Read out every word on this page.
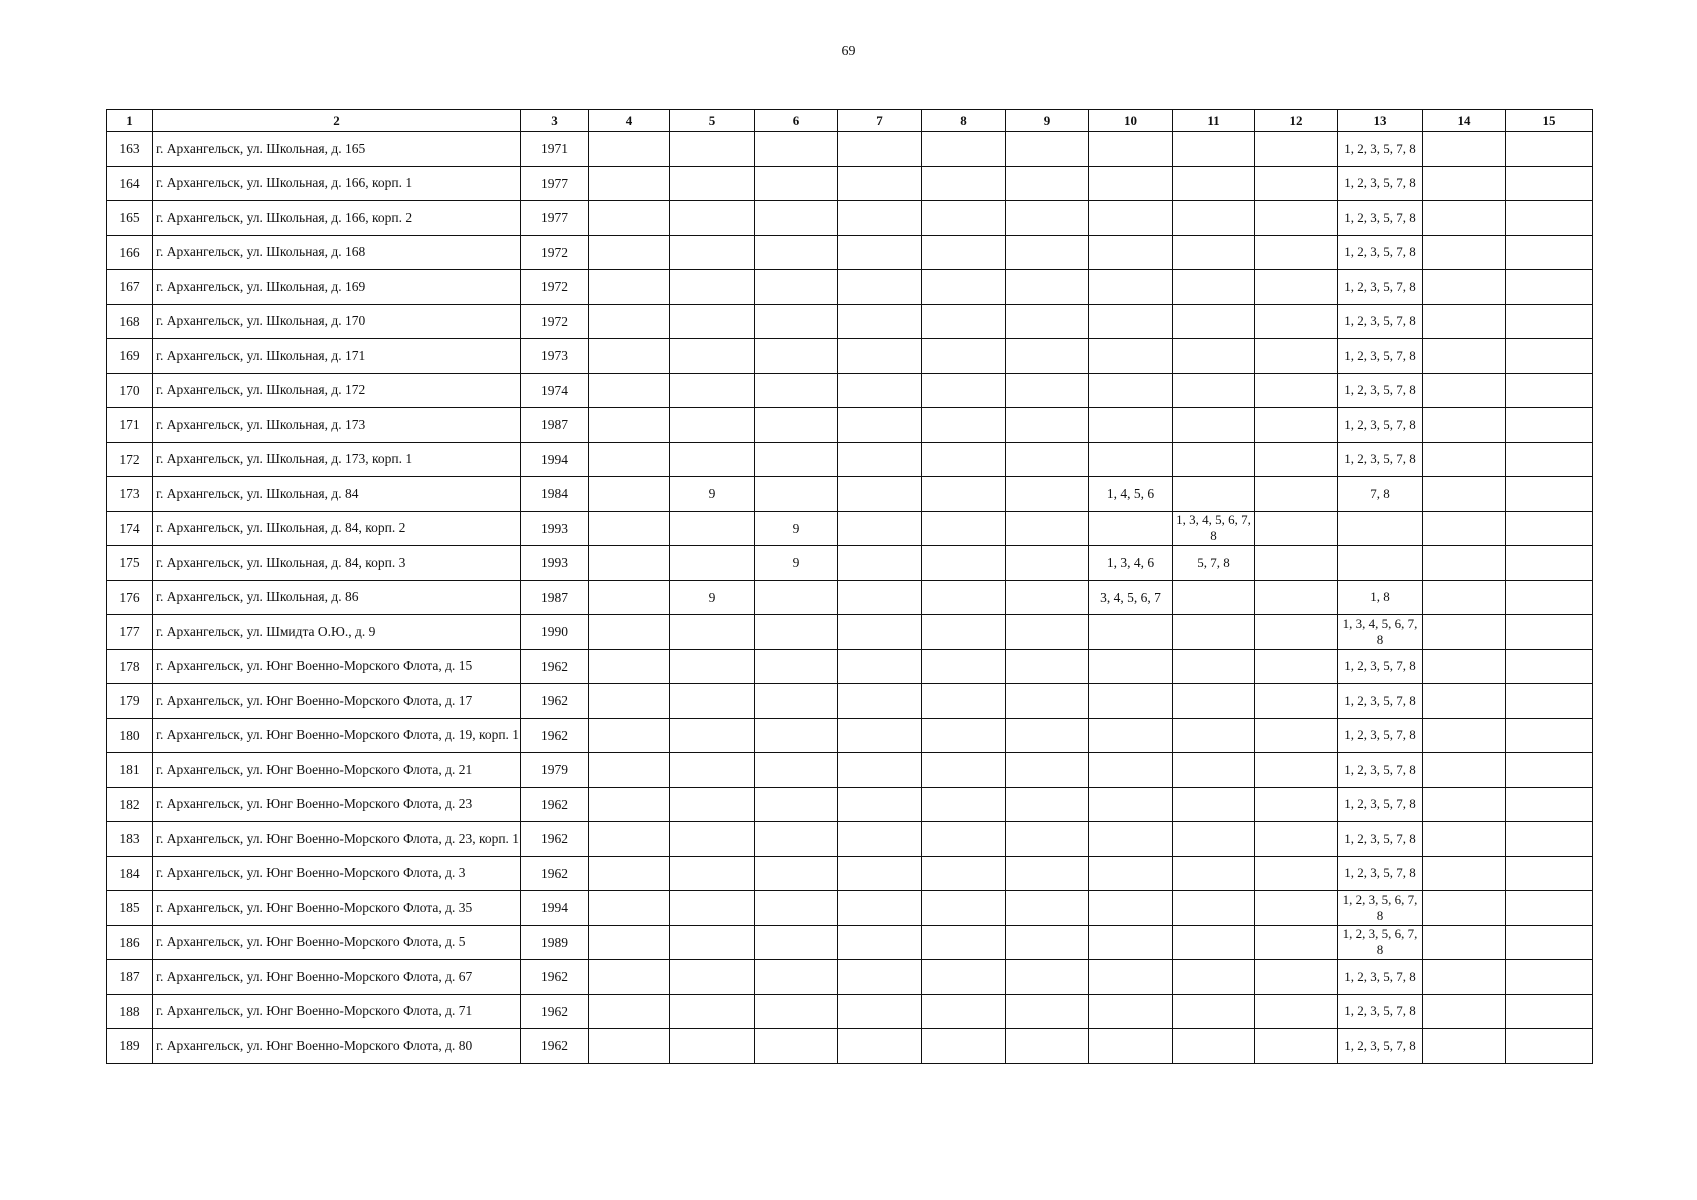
69
1	2	3	4	5	6	7	8	9	10	11	12	13	14	15
163	г. Архангельск, ул. Школьная, д. 165	1971										1, 2, 3, 5, 7, 8		
164	г. Архангельск, ул. Школьная, д. 166, корп. 1	1977										1, 2, 3, 5, 7, 8		
165	г. Архангельск, ул. Школьная, д. 166, корп. 2	1977										1, 2, 3, 5, 7, 8		
166	г. Архангельск, ул. Школьная, д. 168	1972										1, 2, 3, 5, 7, 8		
167	г. Архангельск, ул. Школьная, д. 169	1972										1, 2, 3, 5, 7, 8		
168	г. Архангельск, ул. Школьная, д. 170	1972										1, 2, 3, 5, 7, 8		
169	г. Архангельск, ул. Школьная, д. 171	1973										1, 2, 3, 5, 7, 8		
170	г. Архангельск, ул. Школьная, д. 172	1974										1, 2, 3, 5, 7, 8		
171	г. Архангельск, ул. Школьная, д. 173	1987										1, 2, 3, 5, 7, 8		
172	г. Архангельск, ул. Школьная, д. 173, корп. 1	1994										1, 2, 3, 5, 7, 8		
173	г. Архангельск, ул. Школьная, д. 84	1984		9					1, 4, 5, 6			7, 8		
174	г. Архангельск, ул. Школьная, д. 84, корп. 2	1993			9					1, 3, 4, 5, 6, 7, 8				
175	г. Архангельск, ул. Школьная, д. 84, корп. 3	1993			9				1, 3, 4, 6	5, 7, 8				
176	г. Архангельск, ул. Школьная, д. 86	1987		9					3, 4, 5, 6, 7			1, 8		
177	г. Архангельск, ул. Шмидта О.Ю., д. 9	1990										1, 3, 4, 5, 6, 7, 8		
178	г. Архангельск, ул. Юнг Военно-Морского Флота, д. 15	1962										1, 2, 3, 5, 7, 8		
179	г. Архангельск, ул. Юнг Военно-Морского Флота, д. 17	1962										1, 2, 3, 5, 7, 8		
180	г. Архангельск, ул. Юнг Военно-Морского Флота, д. 19, корп. 1	1962										1, 2, 3, 5, 7, 8		
181	г. Архангельск, ул. Юнг Военно-Морского Флота, д. 21	1979										1, 2, 3, 5, 7, 8		
182	г. Архангельск, ул. Юнг Военно-Морского Флота, д. 23	1962										1, 2, 3, 5, 7, 8		
183	г. Архангельск, ул. Юнг Военно-Морского Флота, д. 23, корп. 1	1962										1, 2, 3, 5, 7, 8		
184	г. Архангельск, ул. Юнг Военно-Морского Флота, д. 3	1962										1, 2, 3, 5, 7, 8		
185	г. Архангельск, ул. Юнг Военно-Морского Флота, д. 35	1994										1, 2, 3, 5, 6, 7, 8		
186	г. Архангельск, ул. Юнг Военно-Морского Флота, д. 5	1989										1, 2, 3, 5, 6, 7, 8		
187	г. Архангельск, ул. Юнг Военно-Морского Флота, д. 67	1962										1, 2, 3, 5, 7, 8		
188	г. Архангельск, ул. Юнг Военно-Морского Флота, д. 71	1962										1, 2, 3, 5, 7, 8		
189	г. Архангельск, ул. Юнг Военно-Морского Флота, д. 80	1962										1, 2, 3, 5, 7, 8		
